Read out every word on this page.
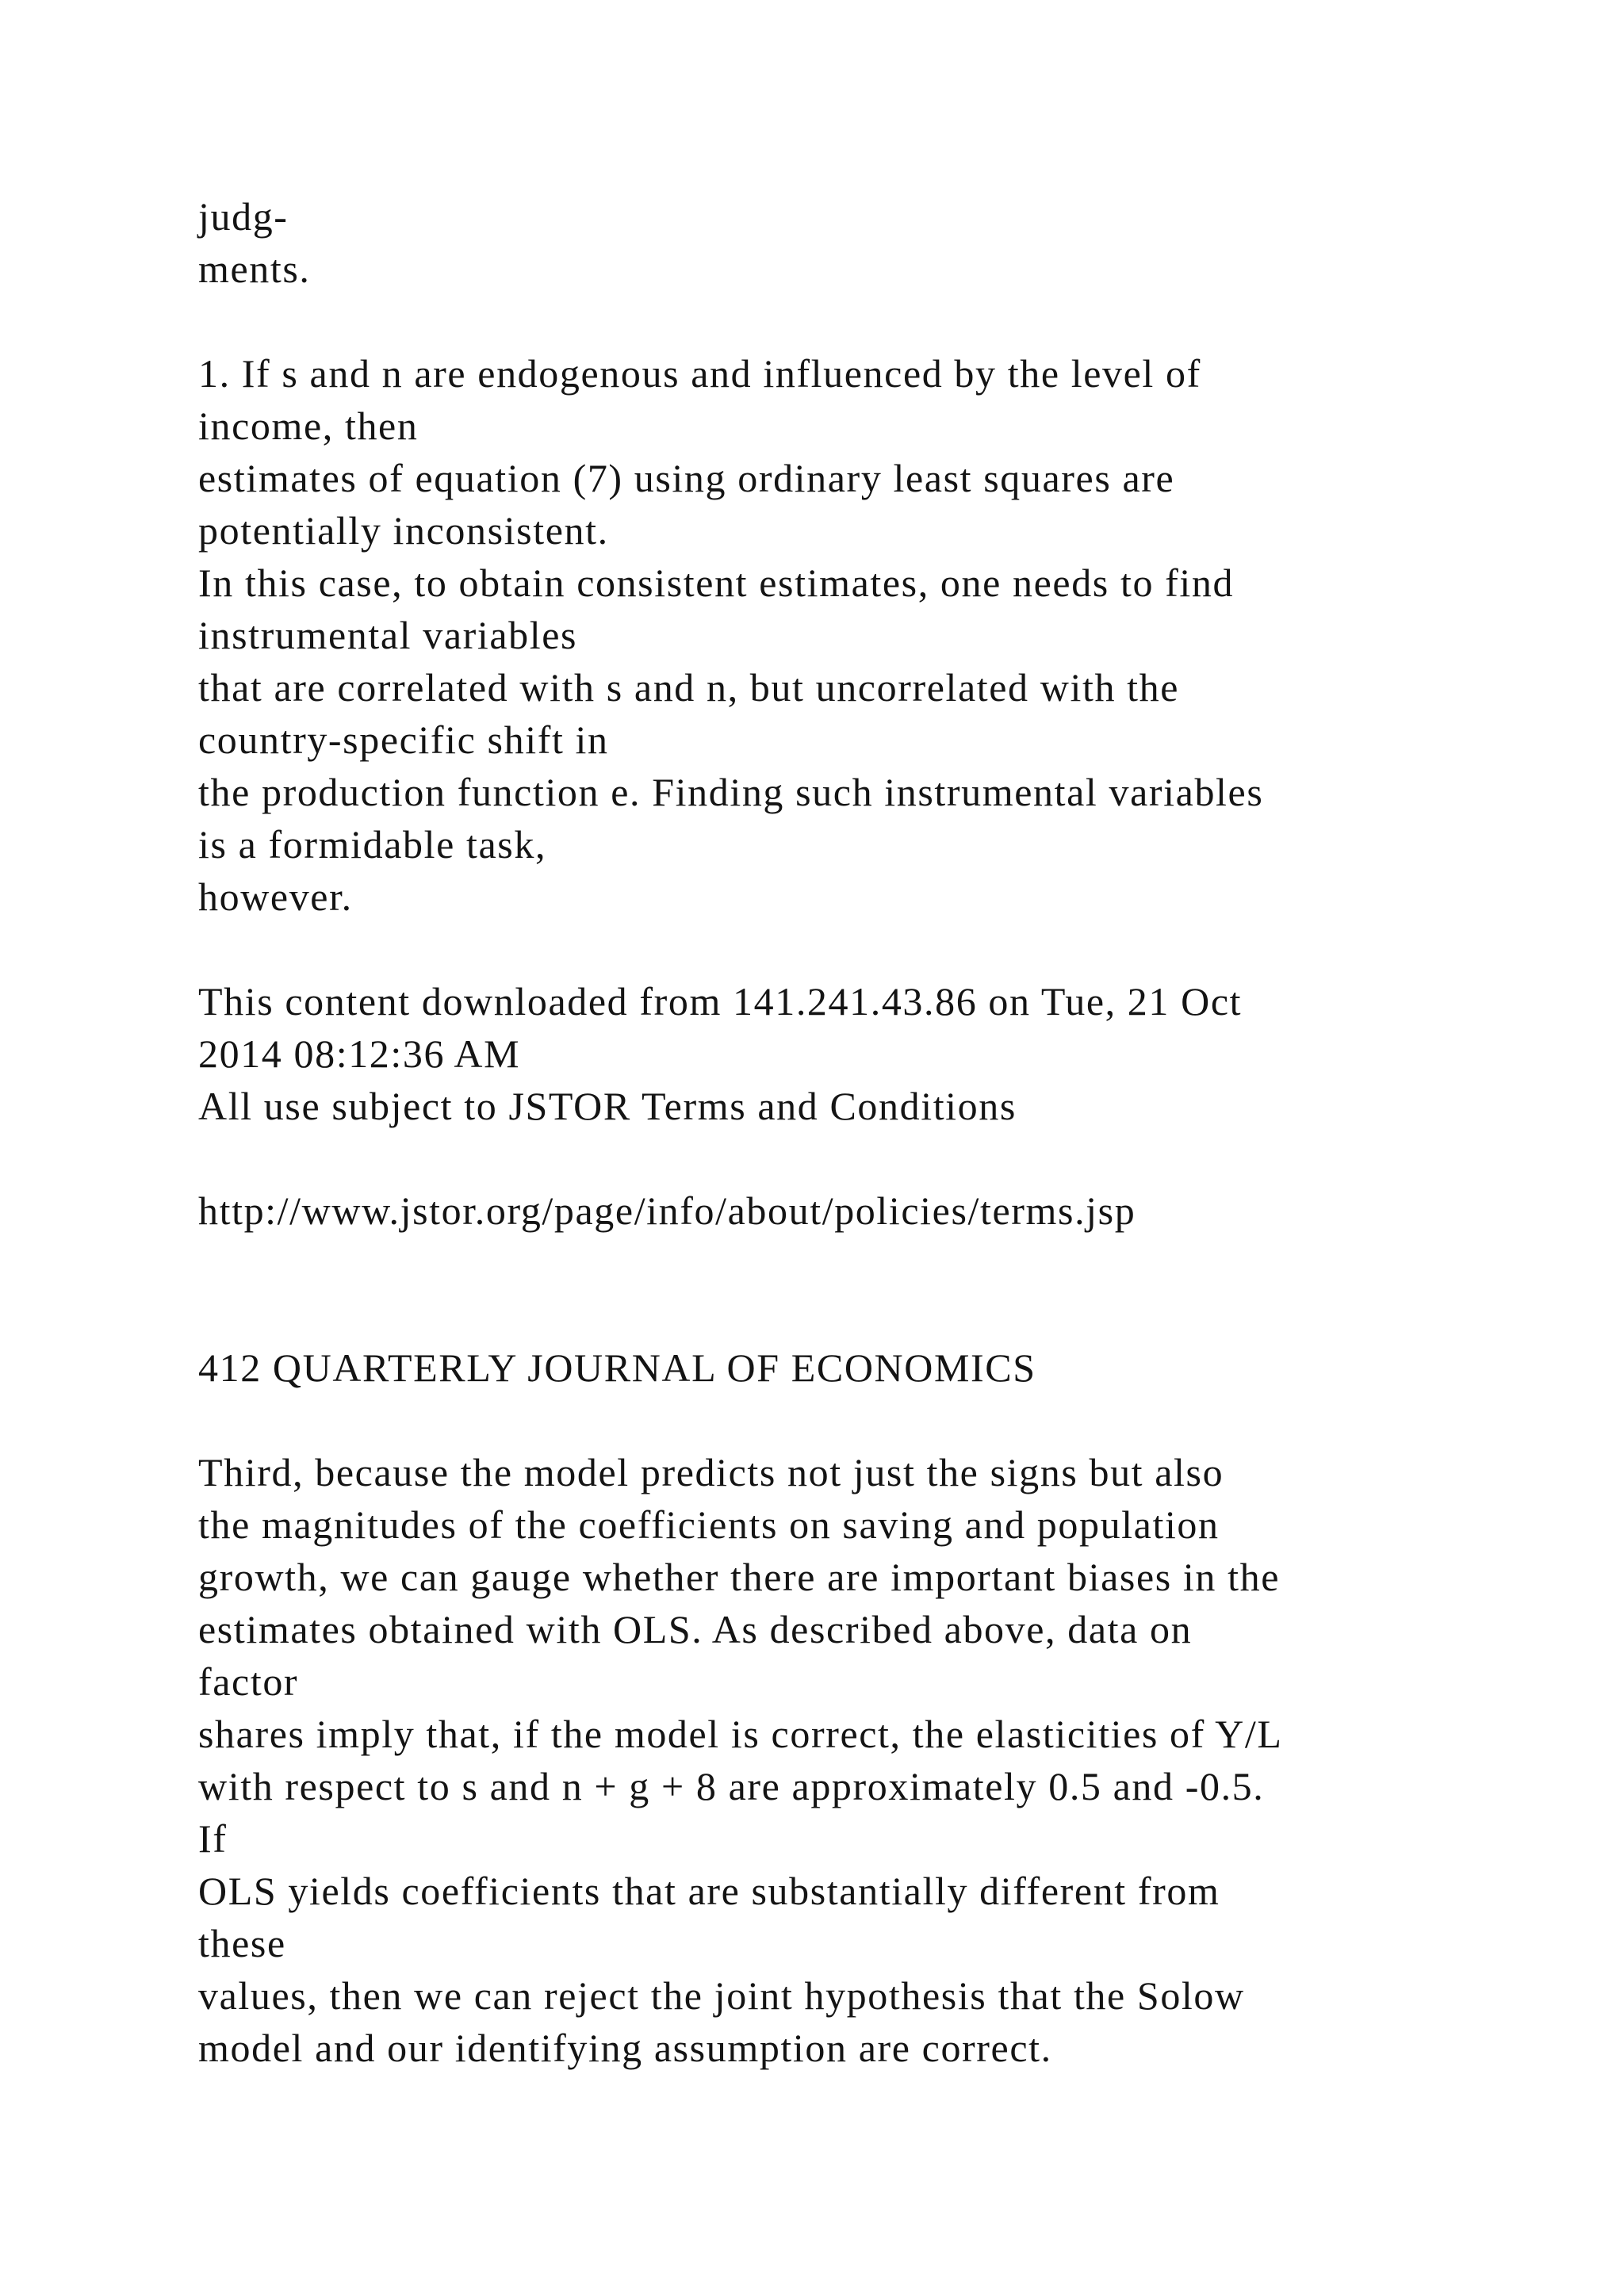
judg-
ments.
1. If s and n are endogenous and influenced by the level of
income, then
estimates of equation (7) using ordinary least squares are
potentially inconsistent.
In this case, to obtain consistent estimates, one needs to find
instrumental variables
that are correlated with s and n, but uncorrelated with the
country-specific shift in
the production function e. Finding such instrumental variables
is a formidable task,
however.
This content downloaded from 141.241.43.86 on Tue, 21 Oct
2014 08:12:36 AM
All use subject to JSTOR Terms and Conditions
http://www.jstor.org/page/info/about/policies/terms.jsp
412 QUARTERLY JOURNAL OF ECONOMICS
Third, because the model predicts not just the signs but also
the magnitudes of the coefficients on saving and population
growth, we can gauge whether there are important biases in the
estimates obtained with OLS. As described above, data on
factor
shares imply that, if the model is correct, the elasticities of Y/L
with respect to s and n + g + 8 are approximately 0.5 and -0.5.
If
OLS yields coefficients that are substantially different from
these
values, then we can reject the joint hypothesis that the Solow
model and our identifying assumption are correct.
